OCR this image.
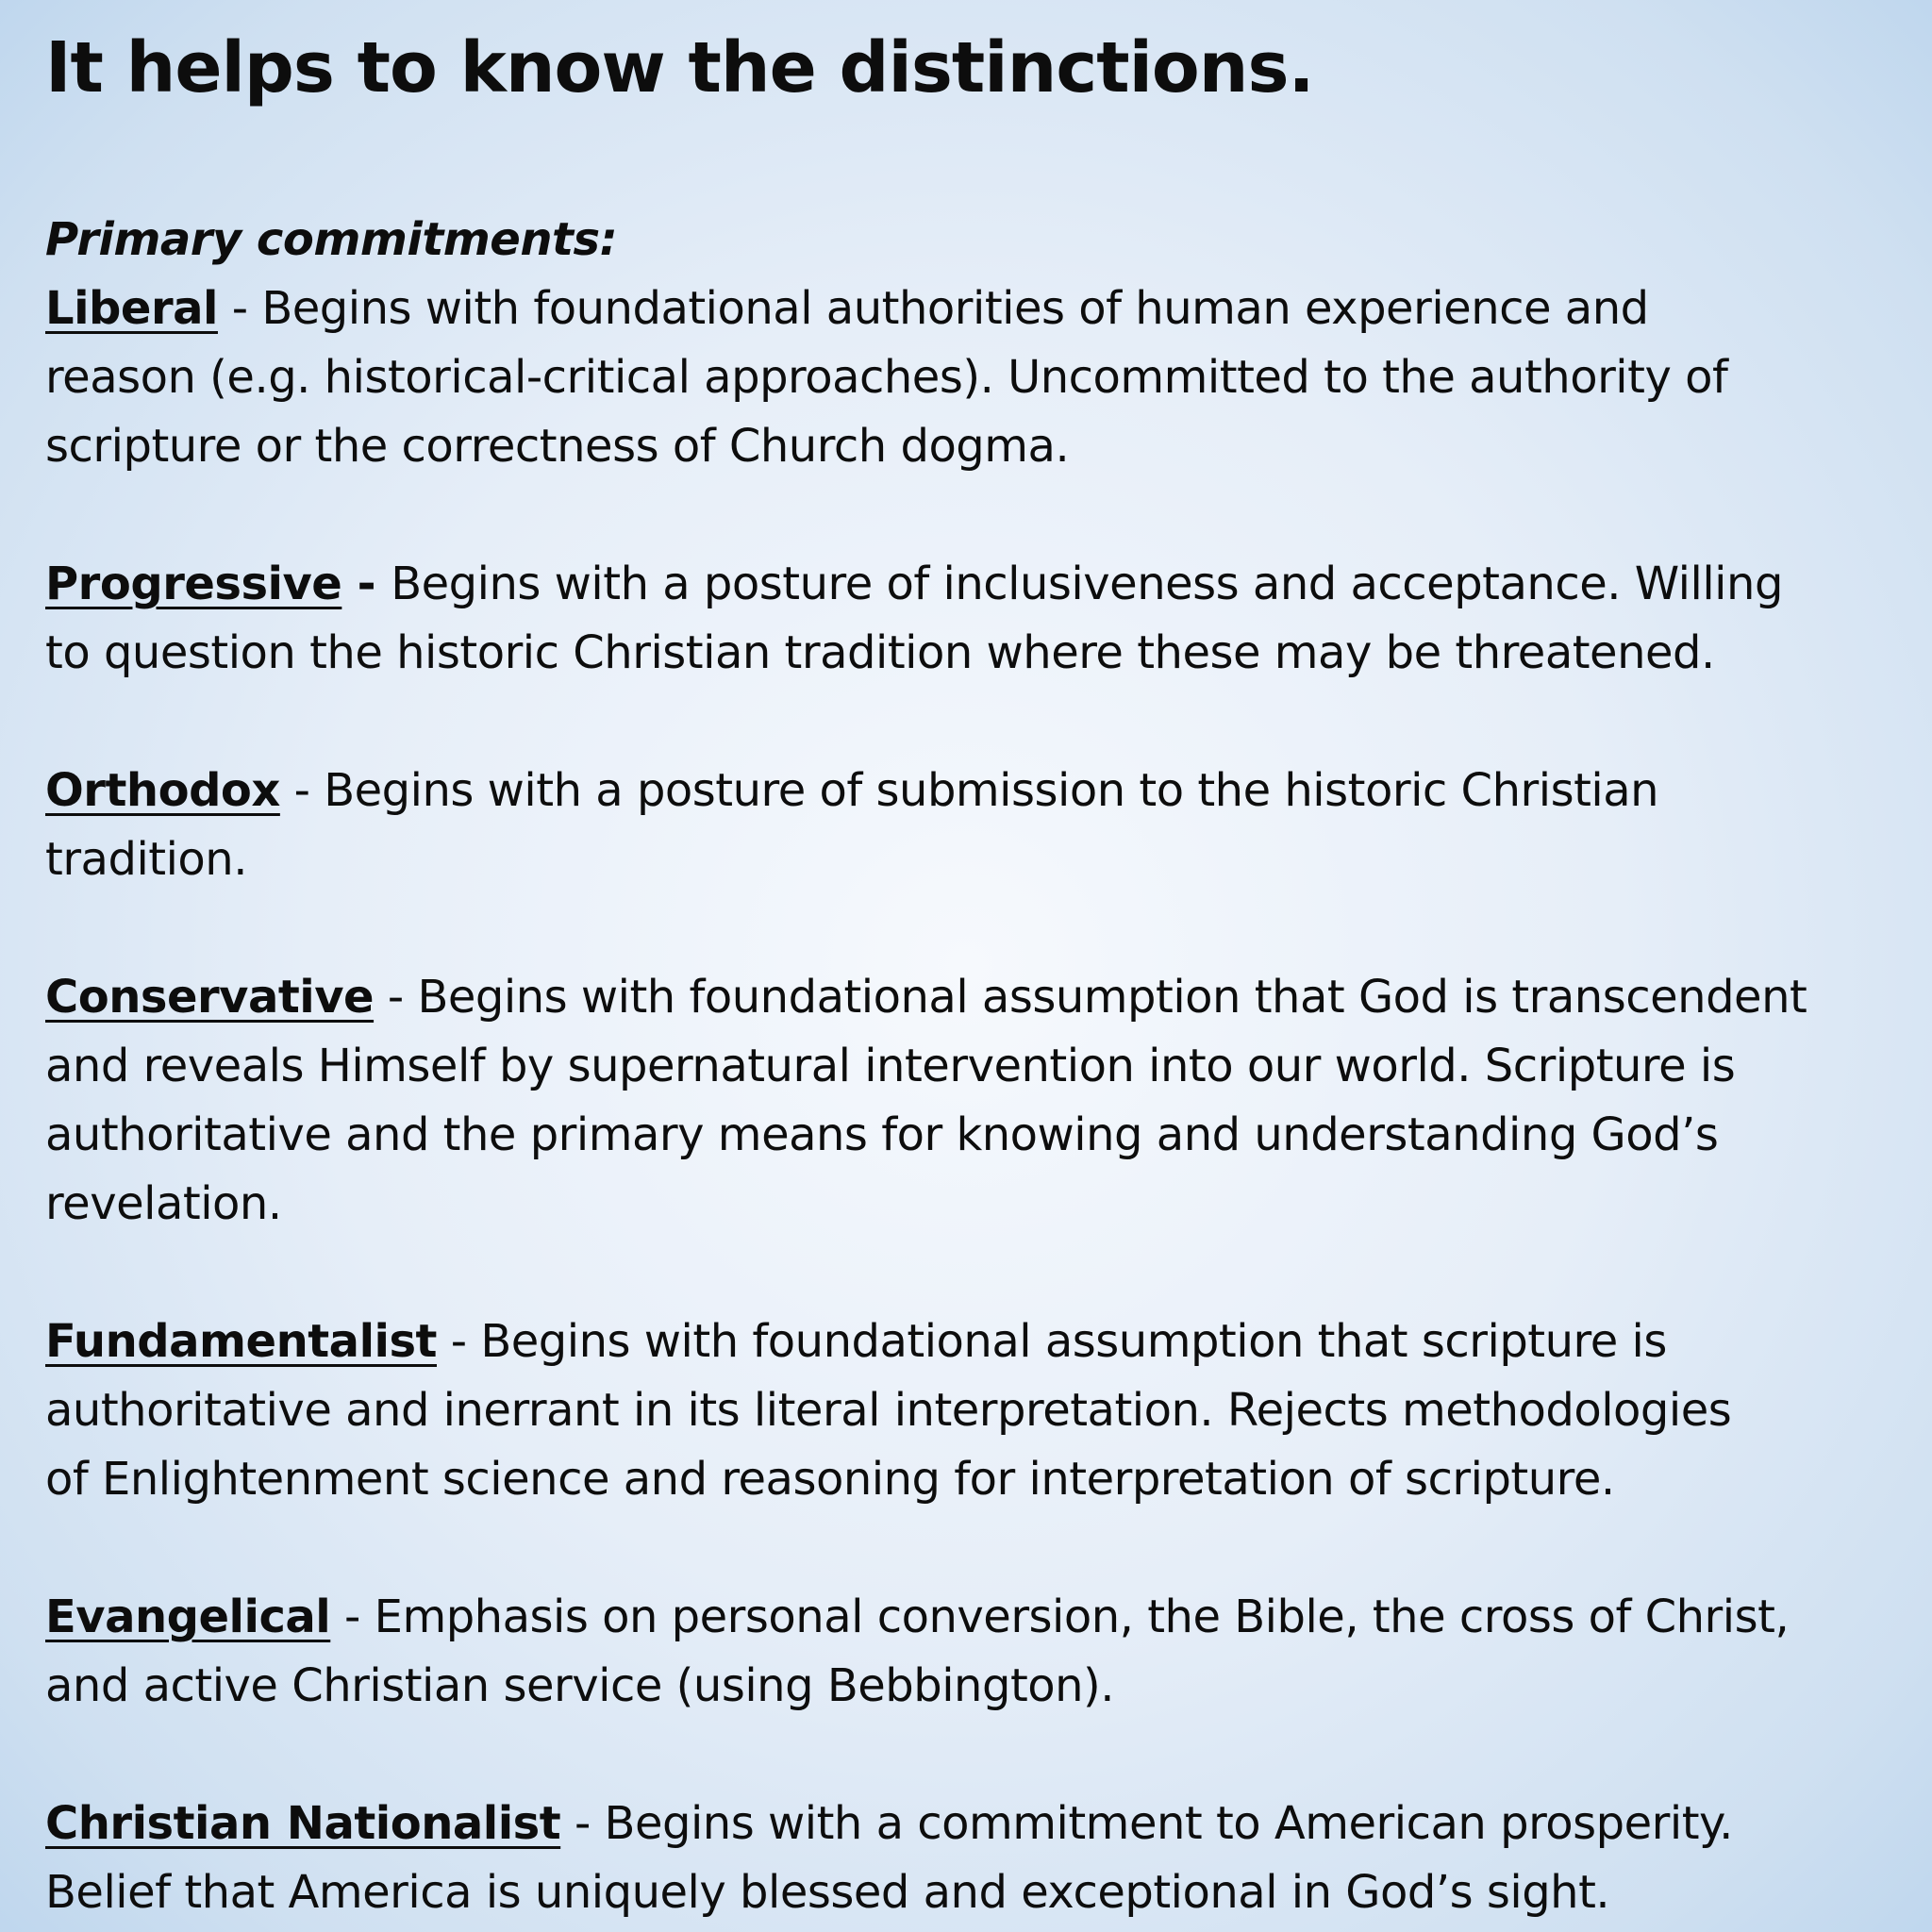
It helps to know the distinctions.
Primary commitments:
Liberal - Begins with foundational authorities of human experience and
reason (e.g. historical-critical approaches). Uncommitted to the authority of
scripture or the correctness of Church dogma.
Progressive - Begins with a posture of inclusiveness and acceptance. Willing
to question the historic Christian tradition where these may be threatened.
Orthodox - Begins with a posture of submission to the historic Christian
tradition.
Conservative - Begins with foundational assumption that God is transcendent
and reveals Himself by supernatural intervention into our world. Scripture is
authoritative and the primary means for knowing and understanding God’s
revelation.
Fundamentalist - Begins with foundational assumption that scripture is
authoritative and inerrant in its literal interpretation. Rejects methodologies
of Enlightenment science and reasoning for interpretation of scripture.
Evangelical - Emphasis on personal conversion, the Bible, the cross of Christ,
and active Christian service (using Bebbington).
Christian Nationalist - Begins with a commitment to American prosperity.
Belief that America is uniquely blessed and exceptional in God’s sight.
